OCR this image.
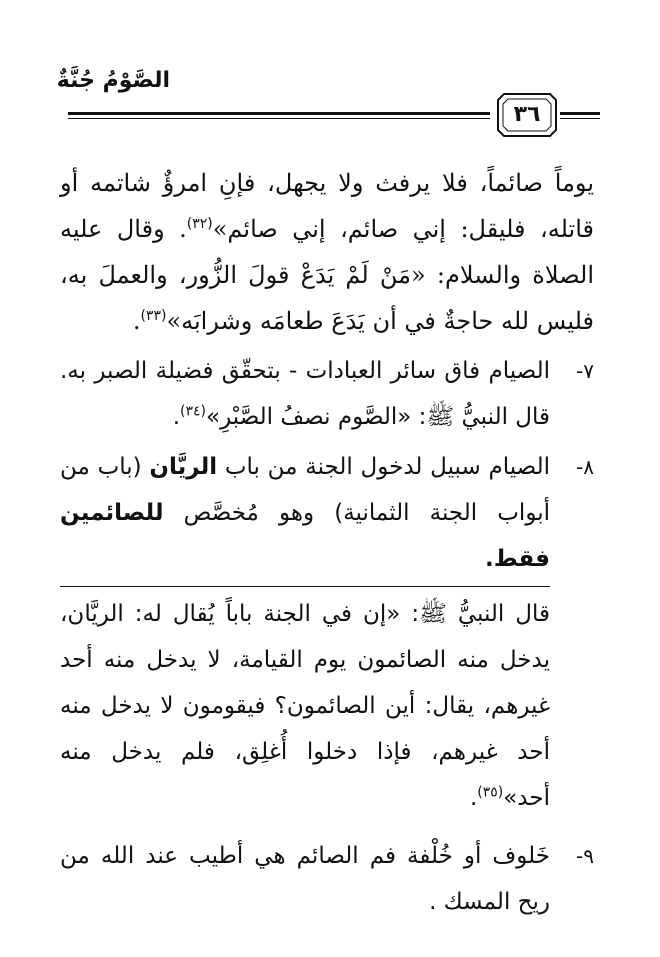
الصَّوْمُ جُنَّةٌ
٣٦

يوماً صائماً، فلا يرفث ولا يجهل، فإنِ امرؤٌ شاتمه أو قاتله، فليقل: إني صائم، إني صائم»$^{(٣٢)}$. وقال عليه الصلاة والسلام: «مَنْ لَمْ يَدَعْ قولَ الزُّور، والعملَ به، فليس لله حاجةٌ في أن يَدَعَ طعامَه وشرابَه»$^{(٣٣)}$.

٧-
الصيام فاق سائر العبادات - بتحقّق فضيلة الصبر به. قال النبيُّ ﷺ: «الصَّوم نصفُ الصَّبْرِ»$^{(٣٤)}$.
٨-
الصيام سبيل لدخول الجنة من باب الريَّان (باب من أبواب الجنة الثمانية) وهو مُخصَّص للصائمين فقط.

قال النبيُّ ﷺ: «إن في الجنة باباً يُقال له: الريَّان، يدخل منه الصائمون يوم القيامة، لا يدخل منه أحد غيرهم، يقال: أين الصائمون؟ فيقومون لا يدخل منه أحد غيرهم، فإذا دخلوا أُغلِق، فلم يدخل منه أحد»$^{(٣٥)}$.

٩-
خَلوف أو خُلْفة فم الصائم هي أطيب عند الله من ريح المسك .
